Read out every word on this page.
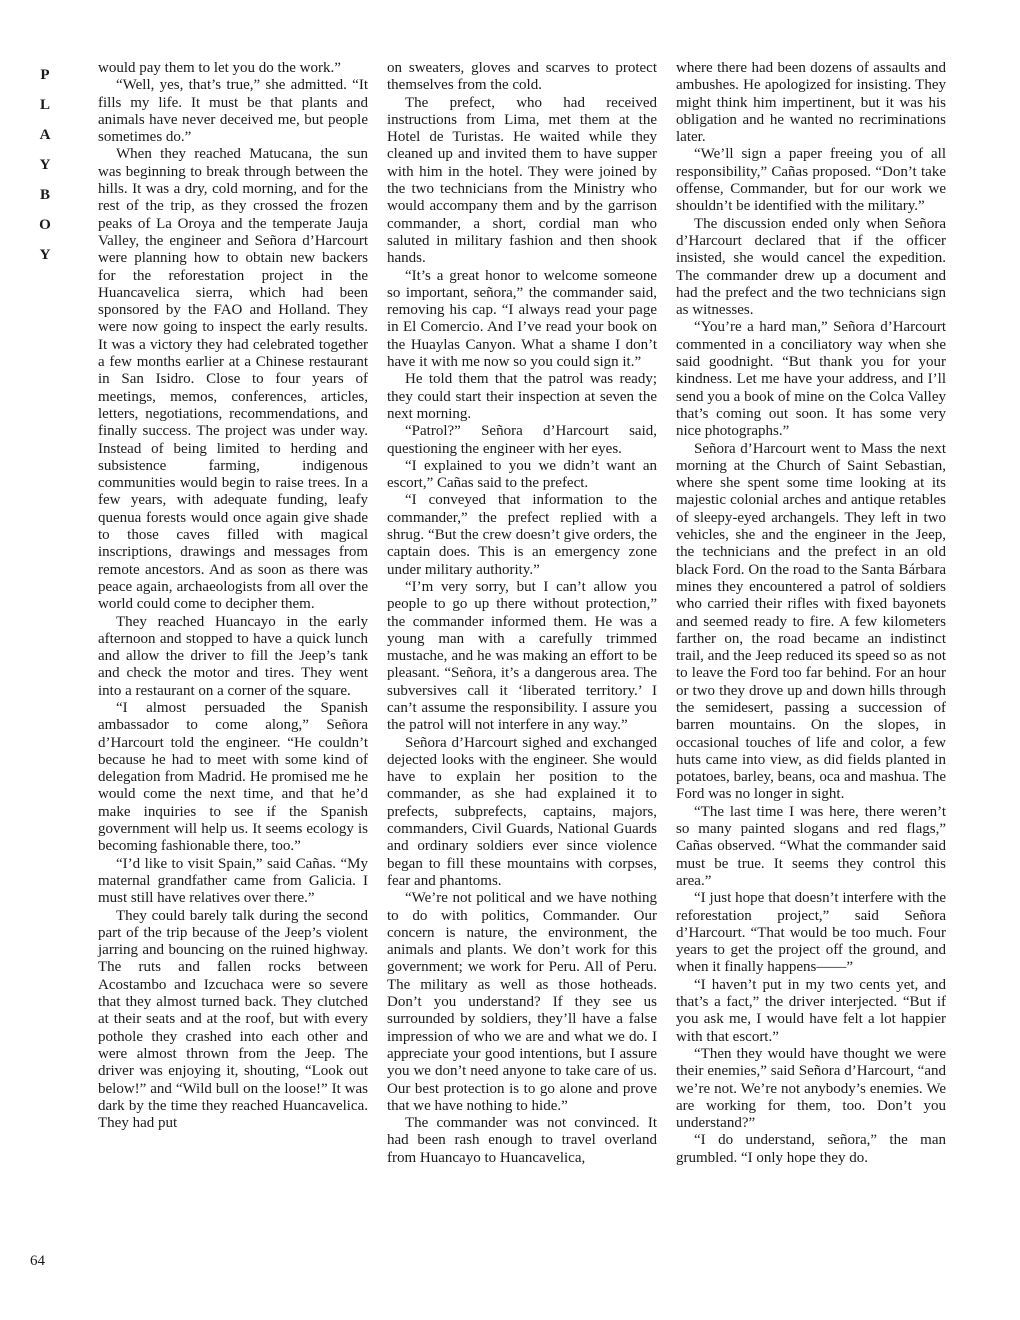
P
L
A
Y
B
O
Y

would pay them to let you do the work.”

“Well, yes, that’s true,” she admitted. “It fills my life. It must be that plants and animals have never deceived me, but people sometimes do.”

When they reached Matucana, the sun was beginning to break through between the hills. It was a dry, cold morning, and for the rest of the trip, as they crossed the frozen peaks of La Oroya and the temperate Jauja Valley, the engineer and Señora d’Harcourt were planning how to obtain new backers for the reforestation project in the Huancavelica sierra, which had been sponsored by the FAO and Holland. They were now going to inspect the early results. It was a victory they had celebrated together a few months earlier at a Chinese restaurant in San Isidro. Close to four years of meetings, memos, conferences, articles, letters, negotiations, recommendations, and finally success. The project was under way. Instead of being limited to herding and subsistence farming, indigenous communities would begin to raise trees. In a few years, with adequate funding, leafy quenua forests would once again give shade to those caves filled with magical inscriptions, drawings and messages from remote ancestors. And as soon as there was peace again, archaeologists from all over the world could come to decipher them.

They reached Huancayo in the early afternoon and stopped to have a quick lunch and allow the driver to fill the Jeep’s tank and check the motor and tires. They went into a restaurant on a corner of the square.

“I almost persuaded the Spanish ambassador to come along,” Señora d’Harcourt told the engineer. “He couldn’t because he had to meet with some kind of delegation from Madrid. He promised me he would come the next time, and that he’d make inquiries to see if the Spanish government will help us. It seems ecology is becoming fashionable there, too.”

“I’d like to visit Spain,” said Cañas. “My maternal grandfather came from Galicia. I must still have relatives over there.”

They could barely talk during the second part of the trip because of the Jeep’s violent jarring and bouncing on the ruined highway. The ruts and fallen rocks between Acostambo and Izcuchaca were so severe that they almost turned back. They clutched at their seats and at the roof, but with every pothole they crashed into each other and were almost thrown from the Jeep. The driver was enjoying it, shouting, “Look out below!” and “Wild bull on the loose!” It was dark by the time they reached Huancavelica. They had put

on sweaters, gloves and scarves to protect themselves from the cold.

The prefect, who had received instructions from Lima, met them at the Hotel de Turistas. He waited while they cleaned up and invited them to have supper with him in the hotel. They were joined by the two technicians from the Ministry who would accompany them and by the garrison commander, a short, cordial man who saluted in military fashion and then shook hands.

“It’s a great honor to welcome someone so important, señora,” the commander said, removing his cap. “I always read your page in El Comercio. And I’ve read your book on the Huaylas Canyon. What a shame I don’t have it with me now so you could sign it.”

He told them that the patrol was ready; they could start their inspection at seven the next morning.

“Patrol?” Señora d’Harcourt said, questioning the engineer with her eyes.

“I explained to you we didn’t want an escort,” Cañas said to the prefect.

“I conveyed that information to the commander,” the prefect replied with a shrug. “But the crew doesn’t give orders, the captain does. This is an emergency zone under military authority.”

“I’m very sorry, but I can’t allow you people to go up there without protection,” the commander informed them. He was a young man with a carefully trimmed mustache, and he was making an effort to be pleasant. “Señora, it’s a dangerous area. The subversives call it ‘liberated territory.’ I can’t assume the responsibility. I assure you the patrol will not interfere in any way.”

Señora d’Harcourt sighed and exchanged dejected looks with the engineer. She would have to explain her position to the commander, as she had explained it to prefects, subprefects, captains, majors, commanders, Civil Guards, National Guards and ordinary soldiers ever since violence began to fill these mountains with corpses, fear and phantoms.

“We’re not political and we have nothing to do with politics, Commander. Our concern is nature, the environment, the animals and plants. We don’t work for this government; we work for Peru. All of Peru. The military as well as those hotheads. Don’t you understand? If they see us surrounded by soldiers, they’ll have a false impression of who we are and what we do. I appreciate your good intentions, but I assure you we don’t need anyone to take care of us. Our best protection is to go alone and prove that we have nothing to hide.”

The commander was not convinced. It had been rash enough to travel overland from Huancayo to Huancavelica,

where there had been dozens of assaults and ambushes. He apologized for insisting. They might think him impertinent, but it was his obligation and he wanted no recriminations later.

“We’ll sign a paper freeing you of all responsibility,” Cañas proposed. “Don’t take offense, Commander, but for our work we shouldn’t be identified with the military.”

The discussion ended only when Señora d’Harcourt declared that if the officer insisted, she would cancel the expedition. The commander drew up a document and had the prefect and the two technicians sign as witnesses.

“You’re a hard man,” Señora d’Harcourt commented in a conciliatory way when she said goodnight. “But thank you for your kindness. Let me have your address, and I’ll send you a book of mine on the Colca Valley that’s coming out soon. It has some very nice photographs.”

Señora d’Harcourt went to Mass the next morning at the Church of Saint Sebastian, where she spent some time looking at its majestic colonial arches and antique retables of sleepy-eyed archangels. They left in two vehicles, she and the engineer in the Jeep, the technicians and the prefect in an old black Ford. On the road to the Santa Bárbara mines they encountered a patrol of soldiers who carried their rifles with fixed bayonets and seemed ready to fire. A few kilometers farther on, the road became an indistinct trail, and the Jeep reduced its speed so as not to leave the Ford too far behind. For an hour or two they drove up and down hills through the semidesert, passing a succession of barren mountains. On the slopes, in occasional touches of life and color, a few huts came into view, as did fields planted in potatoes, barley, beans, oca and mashua. The Ford was no longer in sight.

“The last time I was here, there weren’t so many painted slogans and red flags,” Cañas observed. “What the commander said must be true. It seems they control this area.”

“I just hope that doesn’t interfere with the reforestation project,” said Señora d’Harcourt. “That would be too much. Four years to get the project off the ground, and when it finally happens——”

“I haven’t put in my two cents yet, and that’s a fact,” the driver interjected. “But if you ask me, I would have felt a lot happier with that escort.”

“Then they would have thought we were their enemies,” said Señora d’Harcourt, “and we’re not. We’re not anybody’s enemies. We are working for them, too. Don’t you understand?”

“I do understand, señora,” the man grumbled. “I only hope they do.

64
